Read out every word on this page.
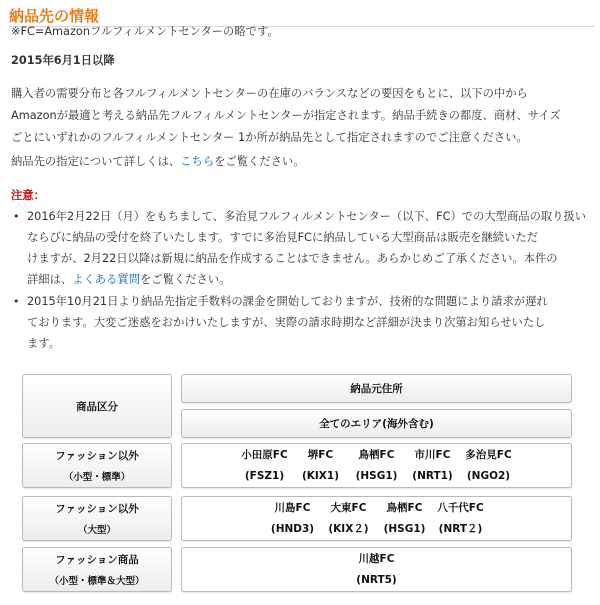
納品先の情報
※FC=Amazonフルフィルメントセンターの略です。
2015年6月1日以降
購入者の需要分布と各フルフィルメントセンターの在庫のバランスなどの要因をもとに、以下の中から
Amazonが最適と考える納品先フルフィルメントセンターが指定されます。納品手続きの都度、商材、サイズ
ごとにいずれかのフルフィルメントセンター 1か所が納品先として指定されますのでご注意ください。
納品先の指定について詳しくは、こちらをご覧ください。
注意：
• 2016年2月22日（月）をもちまして、多治見フルフィルメントセンター（以下、FC）での大型商品の取り扱い
ならびに納品の受付を終了いたします。すでに多治見FCに納品している大型商品は販売を継続いただ
けますが、2月22日以降は新規に納品を作成することはできません。あらかじめご了承ください。本件の
詳細は、よくある質問をご覧ください。
• 2015年10月21日より納品先指定手数料の課金を開始しておりますが、技術的な問題により請求が遅れ
ております。大変ご迷惑をおかけいたしますが、実際の請求時期など詳細が決まり次第お知らせいたし
ます。
商品区分
納品元住所
全てのエリア(海外含む)
ファッション以外
（小型・標準）
小田原FC	堺FC	鳥栖FC	市川FC	多治見FC
(FSZ1)	(KIX1)	(HSG1)	(NRT1)	(NGO2)
ファッション以外
（大型）
川島FC	大東FC	鳥栖FC	八千代FC
(HND3)	(KIX２)	(HSG1)	(NRT２)
ファッション商品
（小型・標準＆大型）
川越FC
(NRT5)
